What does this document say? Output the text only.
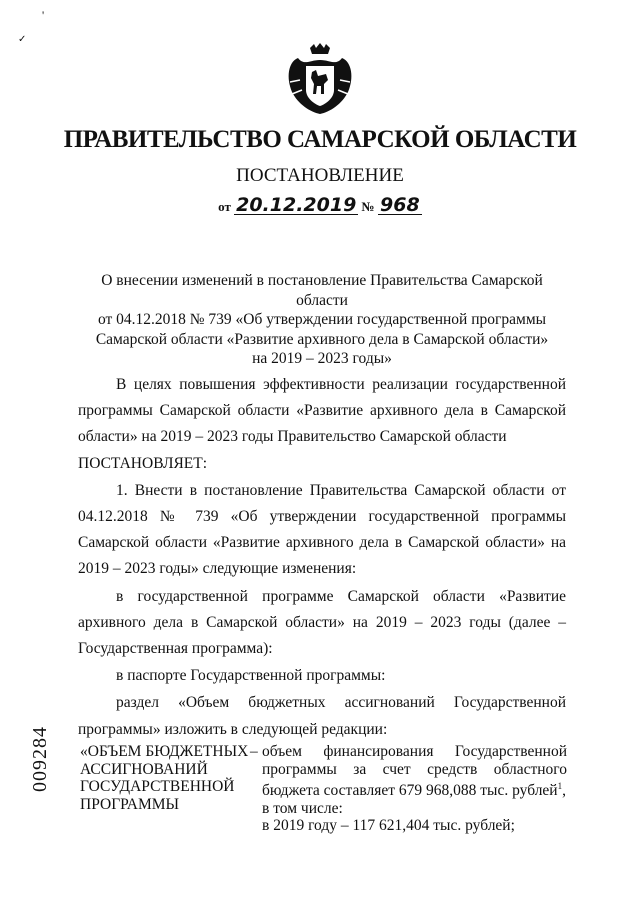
'
✓
ПРАВИТЕЛЬСТВО САМАРСКОЙ ОБЛАСТИ
ПОСТАНОВЛЕНИЕ
от 20.12.2019 № 968
О внесении изменений в постановление Правительства Самарской области
от 04.12.2018 № 739 «Об утверждении государственной программы
Самарской области «Развитие архивного дела в Самарской области»
на 2019 – 2023 годы»

В целях повышения эффективности реализации государственной программы Самарской области «Развитие архивного дела в Самарской области» на 2019 – 2023 годы Правительство Самарской области

ПОСТАНОВЛЯЕТ:

1. Внести в постановление Правительства Самарской области от 04.12.2018 № 739 «Об утверждении государственной программы Самарской области «Развитие архивного дела в Самарской области» на 2019 – 2023 годы» следующие изменения:

в государственной программе Самарской области «Развитие архивного дела в Самарской области» на 2019 – 2023 годы (далее – Государственная программа):

в паспорте Государственной программы:

раздел «Объем бюджетных ассигнований Государственной программы» изложить в следующей редакции:

«ОБЪЕМ БЮДЖЕТНЫХ
АССИГНОВАНИЙ
ГОСУДАРСТВЕННОЙ
ПРОГРАММЫ
– объем финансирования Государственной программы за счет средств областного бюджета составляет 679 968,088 тыс. рублей$^1$,

в том числе:

в 2019 году – 117 621,404 тыс. рублей;

009284
